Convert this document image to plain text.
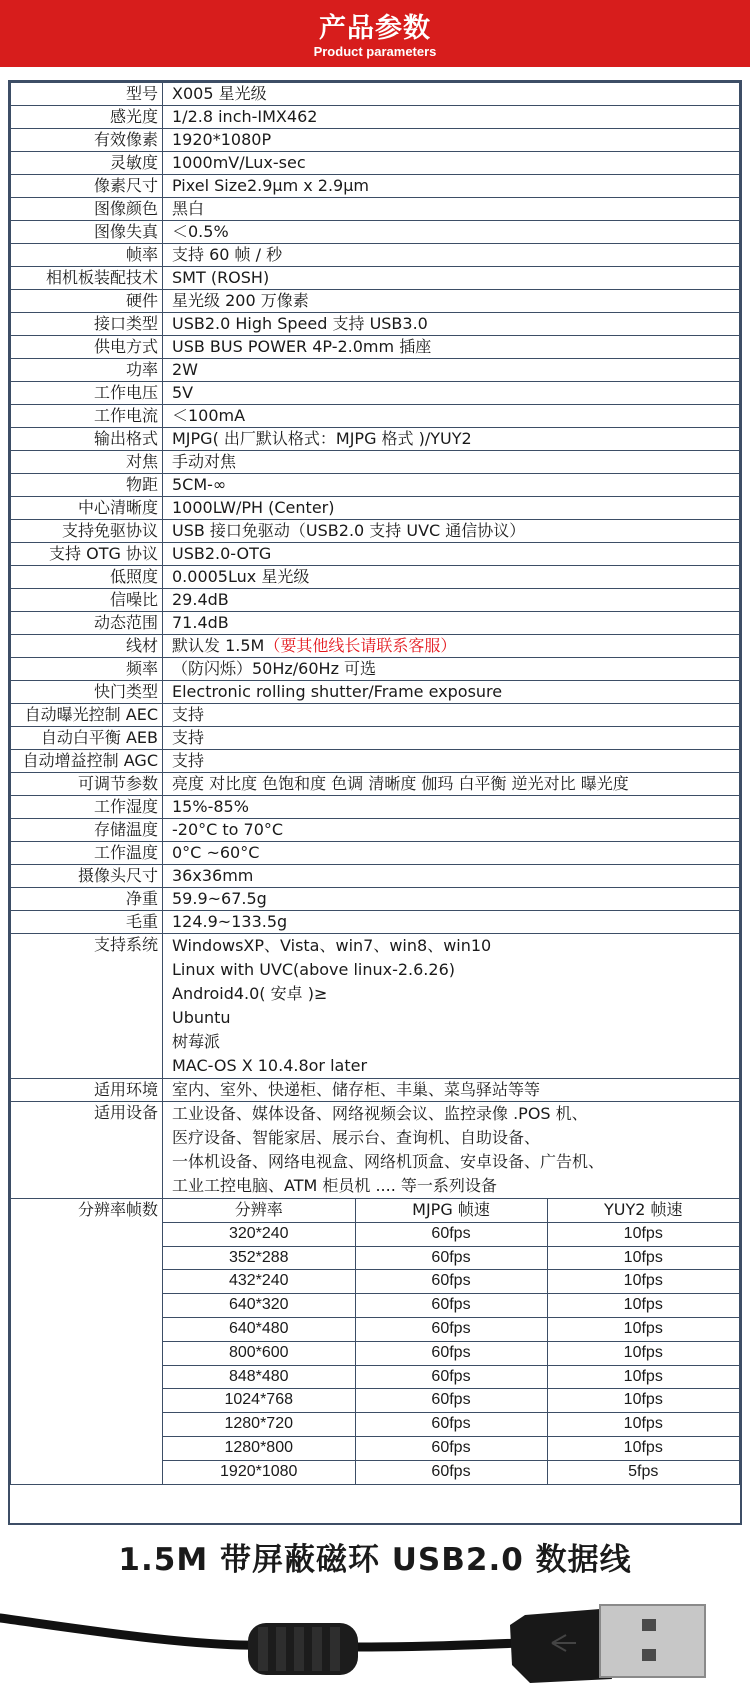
产品参数
Product parameters
型号	X005 星光级
感光度	1/2.8 inch-IMX462
有效像素	1920*1080P
灵敏度	1000mV/Lux-sec
像素尺寸	Pixel Size2.9μm x 2.9μm
图像颜色	黑白
图像失真	＜0.5%
帧率	支持 60 帧 / 秒
相机板装配技术	SMT (ROSH)
硬件	星光级 200 万像素
接口类型	USB2.0 High Speed 支持 USB3.0
供电方式	USB BUS POWER 4P-2.0mm 插座
功率	2W
工作电压	5V
工作电流	＜100mA
输出格式	MJPG( 出厂默认格式：MJPG 格式 )/YUY2
对焦	手动对焦
物距	5CM-∞
中心清晰度	1000LW/PH (Center)
支持免驱协议	USB 接口免驱动（USB2.0 支持 UVC 通信协议）
支持 OTG 协议	USB2.0-OTG
低照度	0.0005Lux 星光级
信噪比	29.4dB
动态范围	71.4dB
线材	默认发 1.5M（要其他线长请联系客服）
频率	（防闪烁）50Hz/60Hz 可选
快门类型	Electronic rolling shutter/Frame exposure
自动曝光控制 AEC	支持
自动白平衡 AEB	支持
自动增益控制 AGC	支持
可调节参数	亮度 对比度 色饱和度 色调 清晰度 伽玛 白平衡 逆光对比 曝光度
工作湿度	15%-85%
存储温度	-20°C to 70°C
工作温度	0°C ~60°C
摄像头尺寸	36x36mm
净重	59.9~67.5g
毛重	124.9~133.5g
支持系统	WindowsXP、Vista、win7、win8、win10
Linux with UVC(above linux-2.6.26)
Android4.0( 安卓 )≥
Ubuntu
树莓派
MAC-OS X 10.4.8or later

适用环境	室内、室外、快递柜、储存柜、丰巢、菜鸟驿站等等
适用设备	工业设备、媒体设备、网络视频会议、监控录像 .POS 机、
医疗设备、智能家居、展示台、查询机、自助设备、
一体机设备、网络电视盒、网络机顶盒、安卓设备、广告机、
工业工控电脑、ATM 柜员机 .... 等一系列设备

分辨率帧数		分辨率	MJPG 帧速	YUY2 帧速
320*240	60fps	10fps
352*288	60fps	10fps
432*240	60fps	10fps
640*320	60fps	10fps
640*480	60fps	10fps
800*600	60fps	10fps
848*480	60fps	10fps
1024*768	60fps	10fps
1280*720	60fps	10fps
1280*800	60fps	10fps
1920*1080	60fps	5fps
1.5M 带屏蔽磁环 USB2.0 数据线
